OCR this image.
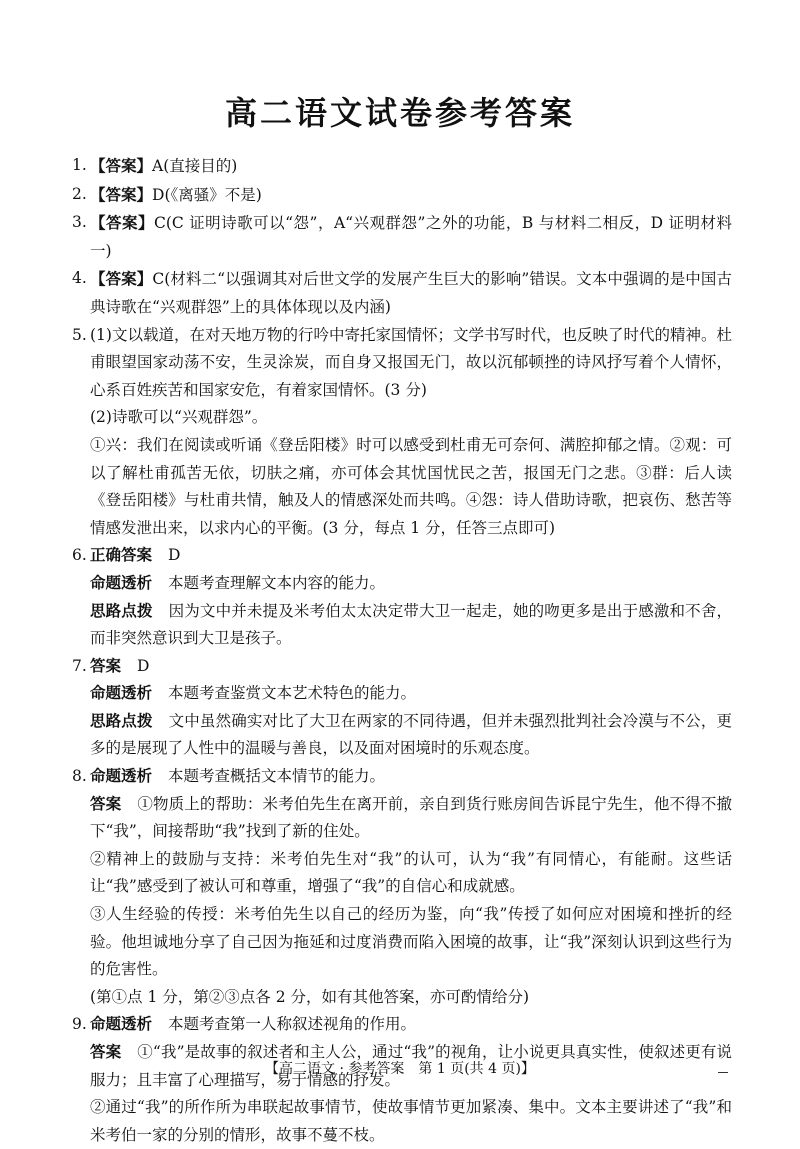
高二语文试卷参考答案
1. 【答案】A(直接目的)

2. 【答案】D(《离骚》不是)

3. 【答案】C(C 证明诗歌可以“怨”，A“兴观群怨”之外的功能，B 与材料二相反，D 证明材料一)

4. 【答案】C(材料二“以强调其对后世文学的发展产生巨大的影响”错误。文本中强调的是中国古典诗歌在“兴观群怨”上的具体体现以及内涵)

5. (1)文以载道，在对天地万物的行吟中寄托家国情怀；文学书写时代，也反映了时代的精神。杜甫眼望国家动荡不安，生灵涂炭，而自身又报国无门，故以沉郁顿挫的诗风抒写着个人情怀，心系百姓疾苦和国家安危，有着家国情怀。(3 分)

(2)诗歌可以“兴观群怨”。

①兴：我们在阅读或听诵《登岳阳楼》时可以感受到杜甫无可奈何、满腔抑郁之情。②观：可以了解杜甫孤苦无依，切肤之痛，亦可体会其忧国忧民之苦，报国无门之悲。③群：后人读《登岳阳楼》与杜甫共情，触及人的情感深处而共鸣。④怨：诗人借助诗歌，把哀伤、愁苦等情感发泄出来，以求内心的平衡。(3 分，每点 1 分，任答三点即可)

6. 正确答案 D

命题透析 本题考查理解文本内容的能力。

思路点拨 因为文中并未提及米考伯太太决定带大卫一起走，她的吻更多是出于感激和不舍，而非突然意识到大卫是孩子。

7. 答案 D

命题透析 本题考查鉴赏文本艺术特色的能力。

思路点拨 文中虽然确实对比了大卫在两家的不同待遇，但并未强烈批判社会冷漠与不公，更多的是展现了人性中的温暖与善良，以及面对困境时的乐观态度。

8. 命题透析 本题考查概括文本情节的能力。

答案 ①物质上的帮助：米考伯先生在离开前，亲自到货行账房间告诉昆宁先生，他不得不撤下“我”，间接帮助“我”找到了新的住处。

②精神上的鼓励与支持：米考伯先生对“我”的认可，认为“我”有同情心，有能耐。这些话让“我”感受到了被认可和尊重，增强了“我”的自信心和成就感。

③人生经验的传授：米考伯先生以自己的经历为鉴，向“我”传授了如何应对困境和挫折的经验。他坦诚地分享了自己因为拖延和过度消费而陷入困境的故事，让“我”深刻认识到这些行为的危害性。

(第①点 1 分，第②③点各 2 分，如有其他答案，亦可酌情给分)

9. 命题透析 本题考查第一人称叙述视角的作用。

答案 ①“我”是故事的叙述者和主人公，通过“我”的视角，让小说更具真实性，使叙述更有说服力；且丰富了心理描写，易于情感的抒发。

②通过“我”的所作所为串联起故事情节，使故事情节更加紧凑、集中。文本主要讲述了“我”和米考伯一家的分别的情形，故事不蔓不枝。

【高二语文 · 参考答案　第 1 页(共 4 页)】
